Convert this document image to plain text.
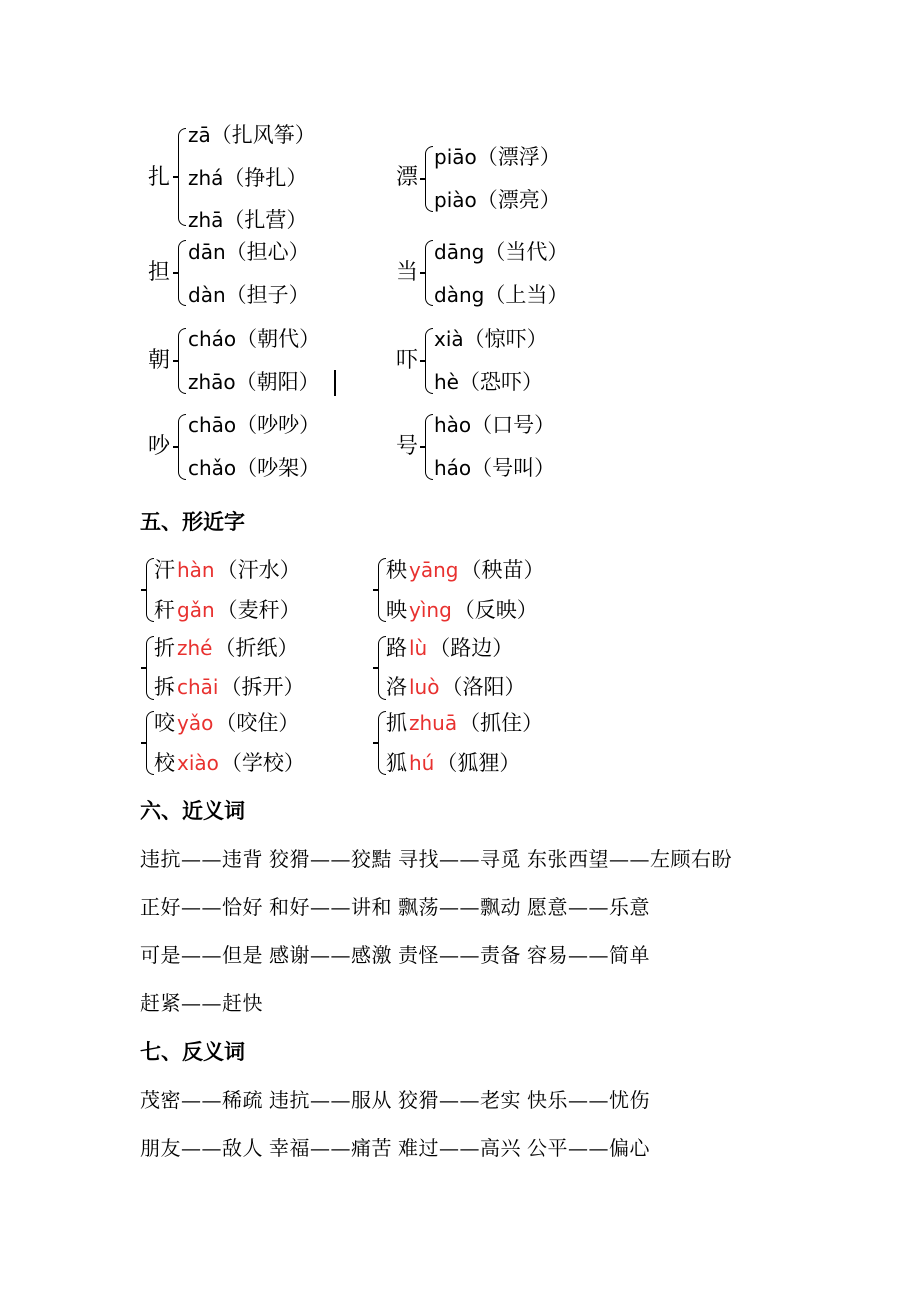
扎
zā（扎风筝）
zhá（挣扎）
zhā（扎营）
担
dān（担心）
dàn（担子）
朝
cháo（朝代）
zhāo（朝阳）
吵
chāo（吵吵）
chǎo（吵架）
漂
piāo（漂浮）
piào（漂亮）
当
dāng（当代）
dàng（上当）
吓
xià（惊吓）
hè（恐吓）
号
hào（口号）
háo（号叫）
五、形近字
汗 hàn（汗水）
秆 gǎn（麦秆）
折 zhé（折纸）
拆 chāi（拆开）
咬 yǎo（咬住）
校 xiào（学校）
秧 yāng（秧苗）
映 yìng（反映）
路 lù（路边）
洛 luò（洛阳）
抓 zhuā（抓住）
狐 hú（狐狸）
六、近义词
违抗——违背 狡猾——狡黠 寻找——寻觅 东张西望——左顾右盼
正好——恰好 和好——讲和 飘荡——飘动 愿意——乐意
可是——但是 感谢——感激 责怪——责备 容易——简单
赶紧——赶快
七、反义词
茂密——稀疏 违抗——服从 狡猾——老实 快乐——忧伤
朋友——敌人 幸福——痛苦 难过——高兴 公平——偏心
